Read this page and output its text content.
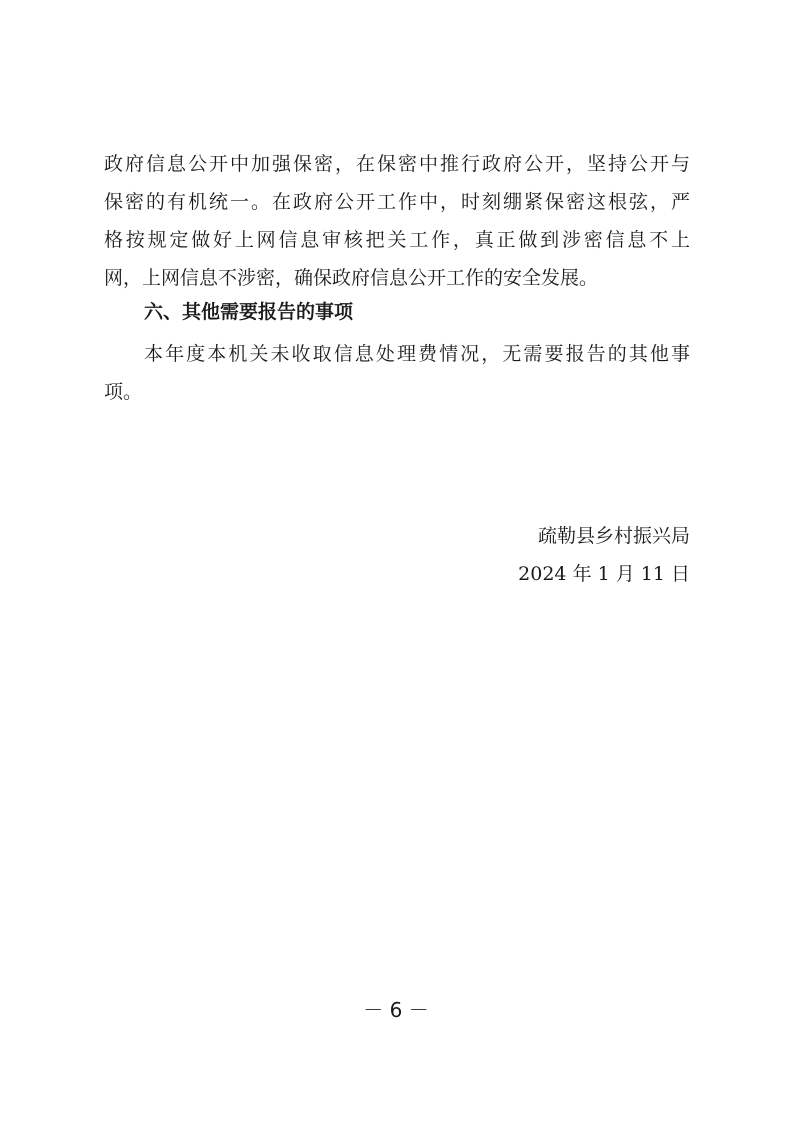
政府信息公开中加强保密，在保密中推行政府公开，坚持公开与
保密的有机统一。在政府公开工作中，时刻绷紧保密这根弦，严
格按规定做好上网信息审核把关工作，真正做到涉密信息不上
网，上网信息不涉密，确保政府信息公开工作的安全发展。
六、其他需要报告的事项
本年度本机关未收取信息处理费情况，无需要报告的其他事
项。
疏勒县乡村振兴局
2024 年 1 月 11 日
－ 6 －
